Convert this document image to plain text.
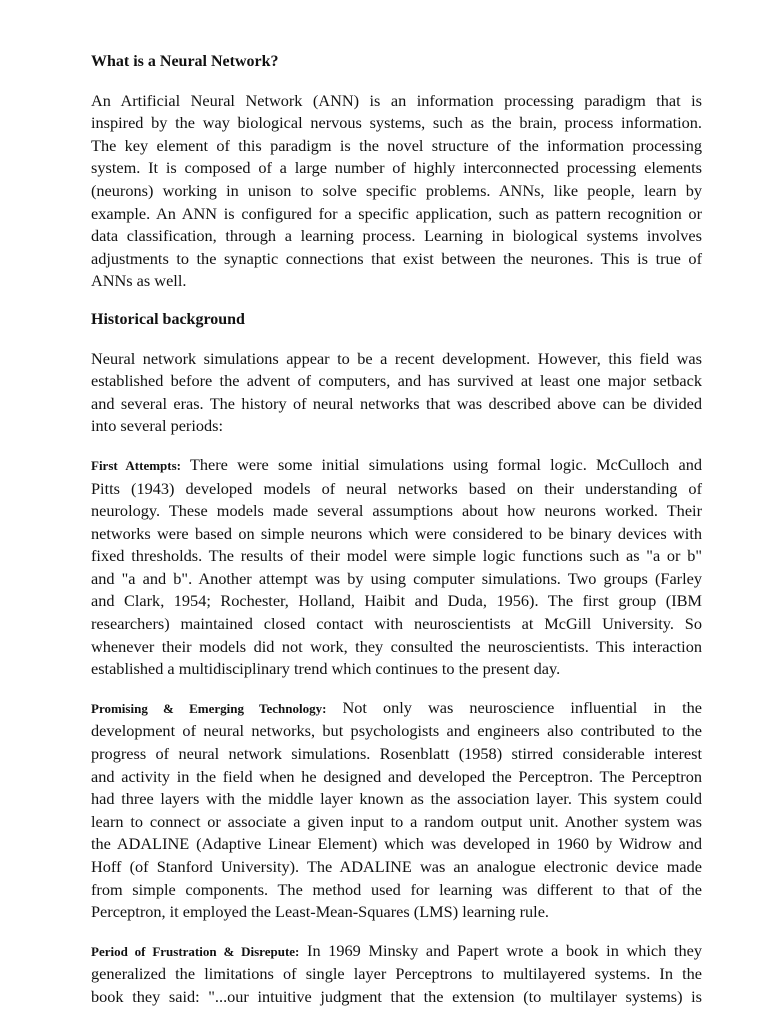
What is a Neural Network?
An Artificial Neural Network (ANN) is an information processing paradigm that is
inspired by the way biological nervous systems, such as the brain, process information.
The key element of this paradigm is the novel structure of the information processing
system. It is composed of a large number of highly interconnected processing elements
(neurons) working in unison to solve specific problems. ANNs, like people, learn by
example. An ANN is configured for a specific application, such as pattern recognition or
data classification, through a learning process. Learning in biological systems involves
adjustments to the synaptic connections that exist between the neurones. This is true of
ANNs as well.
Historical background
Neural network simulations appear to be a recent development. However, this field was
established before the advent of computers, and has survived at least one major setback
and several eras. The history of neural networks that was described above can be divided
into several periods:
First Attempts: There were some initial simulations using formal logic. McCulloch and
Pitts (1943) developed models of neural networks based on their understanding of
neurology. These models made several assumptions about how neurons worked. Their
networks were based on simple neurons which were considered to be binary devices with
fixed thresholds. The results of their model were simple logic functions such as "a or b"
and "a and b". Another attempt was by using computer simulations. Two groups (Farley
and Clark, 1954; Rochester, Holland, Haibit and Duda, 1956). The first group (IBM
researchers) maintained closed contact with neuroscientists at McGill University. So
whenever their models did not work, they consulted the neuroscientists. This interaction
established a multidisciplinary trend which continues to the present day.
Promising & Emerging Technology: Not only was neuroscience influential in the
development of neural networks, but psychologists and engineers also contributed to the
progress of neural network simulations. Rosenblatt (1958) stirred considerable interest
and activity in the field when he designed and developed the Perceptron. The Perceptron
had three layers with the middle layer known as the association layer. This system could
learn to connect or associate a given input to a random output unit. Another system was
the ADALINE (Adaptive Linear Element) which was developed in 1960 by Widrow and
Hoff (of Stanford University). The ADALINE was an analogue electronic device made
from simple components. The method used for learning was different to that of the
Perceptron, it employed the Least-Mean-Squares (LMS) learning rule.
Period of Frustration & Disrepute: In 1969 Minsky and Papert wrote a book in which they
generalized the limitations of single layer Perceptrons to multilayered systems. In the
book they said: "...our intuitive judgment that the extension (to multilayer systems) is
